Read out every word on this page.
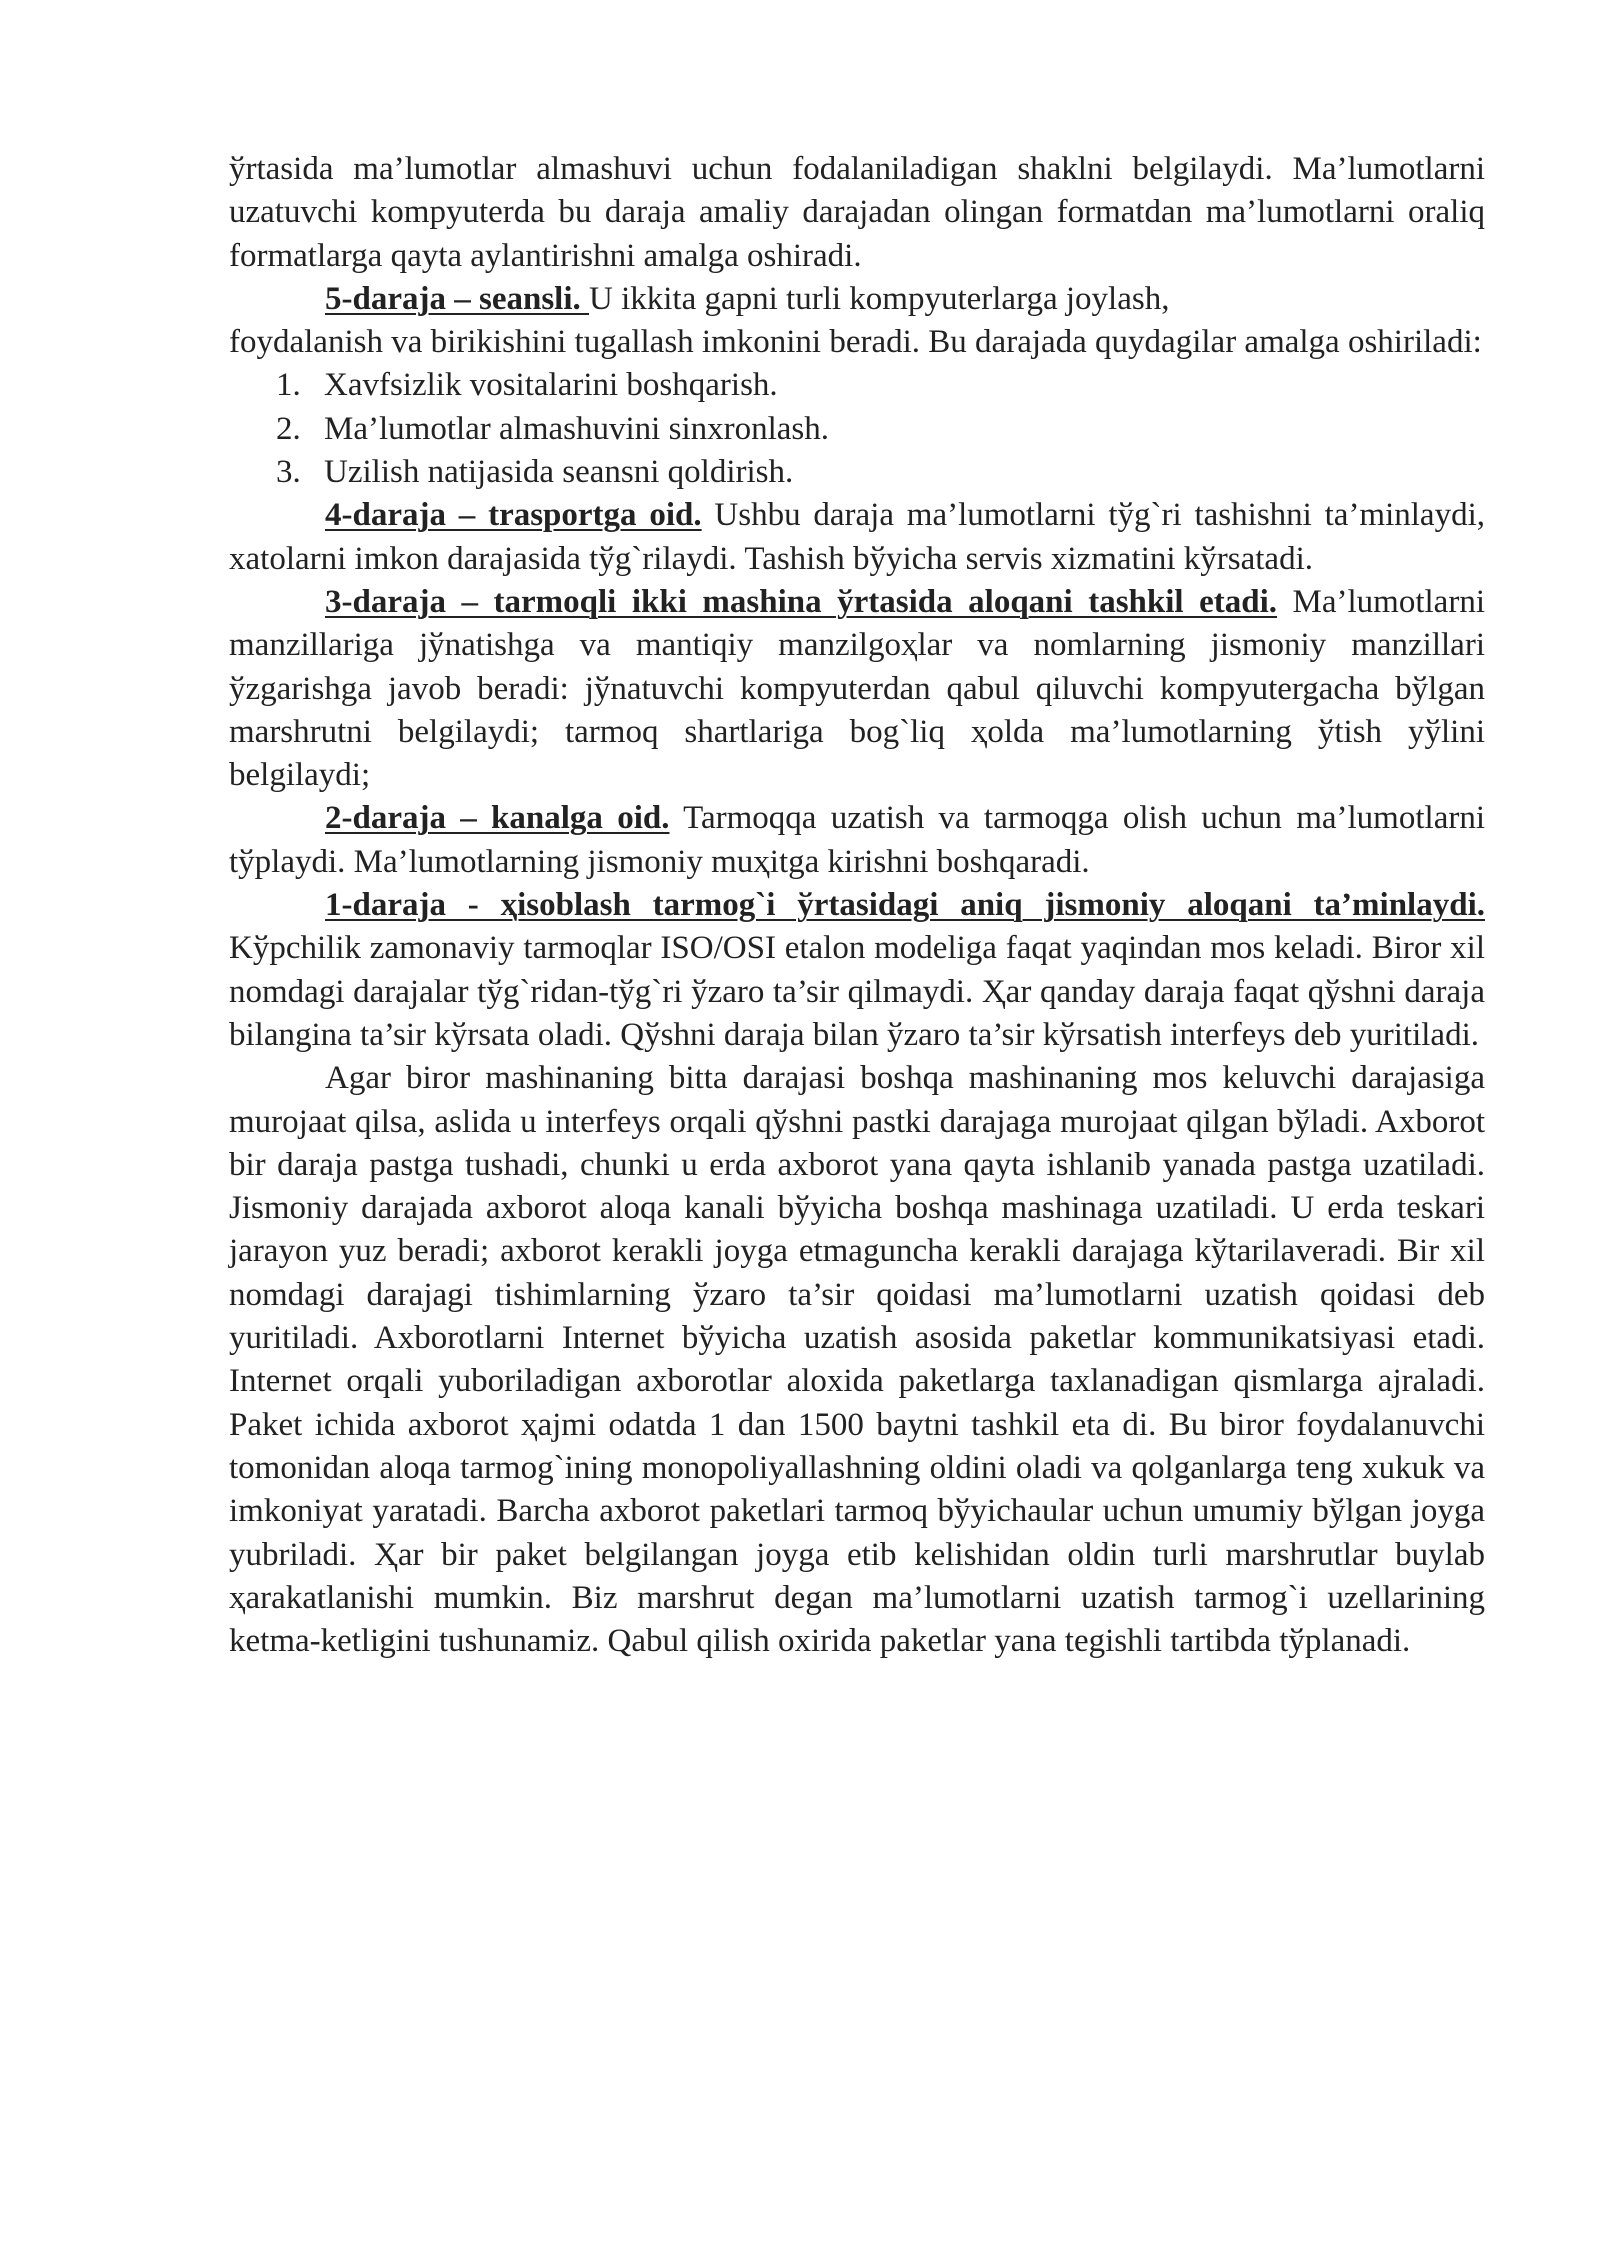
ўrtasida ma’lumotlar almashuvi uchun fodalaniladigan shaklni belgilaydi. Ma’lumotlarni uzatuvchi kompyuterda bu daraja amaliy darajadan olingan formatdan ma’lumotlarni oraliq formatlarga qayta aylantirishni amalga oshiradi.

5-daraja – seansli. U ikkita gapni turli kompyuterlarga joylash,

foydalanish va birikishini tugallash imkonini beradi. Bu darajada quydagilar amalga oshiriladi:

1. Xavfsizlik vositalarini boshqarish.
2. Ma’lumotlar almashuvini sinxronlash.
3. Uzilish natijasida seansni qoldirish.

4-daraja – trasportga oid. Ushbu daraja ma’lumotlarni tўg`ri tashishni ta’minlaydi, xatolarni imkon darajasida tўg`rilaydi. Tashish bўyicha servis xizmatini kўrsatadi.

3-daraja – tarmoqli ikki mashina ўrtasida aloqani tashkil etadi. Ma’lumotlarni manzillariga jўnatishga va mantiqiy manzilgoҳlar va nomlarning jismoniy manzillari ўzgarishga javob beradi: jўnatuvchi kompyuterdan qabul qiluvchi kompyutergacha bўlgan marshrutni belgilaydi; tarmoq shartlariga bog`liq ҳolda ma’lumotlarning ўtish yўlini belgilaydi;

2-daraja – kanalga oid. Tarmoqqa uzatish va tarmoqga olish uchun ma’lumotlarni tўplaydi. Ma’lumotlarning jismoniy muҳitga kirishni boshqaradi.

1-daraja - ҳisoblash tarmog`i ўrtasidagi aniq jismoniy aloqani ta’minlaydi. Kўpchilik zamonaviy tarmoqlar ISO/OSI etalon modeliga faqat yaqindan mos keladi. Biror xil nomdagi darajalar tўg`ridan-tўg`ri ўzaro ta’sir qilmaydi. Ҳar qanday daraja faqat qўshni daraja bilangina ta’sir kўrsata oladi. Qўshni daraja bilan ўzaro ta’sir kўrsatish interfeys deb yuritiladi.

Agar biror mashinaning bitta darajasi boshqa mashinaning mos keluvchi darajasiga murojaat qilsa, aslida u interfeys orqali qўshni pastki darajaga murojaat qilgan bўladi. Axborot bir daraja pastga tushadi, chunki u erda axborot yana qayta ishlanib yanada pastga uzatiladi. Jismoniy darajada axborot aloqa kanali bўyicha boshqa mashinaga uzatiladi. U erda teskari jarayon yuz beradi; axborot kerakli joyga etmaguncha kerakli darajaga kўtarilaveradi. Bir xil nomdagi darajagi tishimlarning ўzaro ta’sir qoidasi ma’lumotlarni uzatish qoidasi deb yuritiladi. Axborotlarni Internet bўyicha uzatish asosida paketlar kommunikatsiyasi etadi. Internet orqali yuboriladigan axborotlar aloxida paketlarga taxlanadigan qismlarga ajraladi. Paket ichida axborot ҳajmi odatda 1 dan 1500 baytni tashkil eta di. Bu biror foydalanuvchi tomonidan aloqa tarmog`ining monopoliyallashning oldini oladi va qolganlarga teng xukuk va imkoniyat yaratadi. Barcha axborot paketlari tarmoq bўyichaular uchun umumiy bўlgan joyga yubriladi. Ҳar bir paket belgilangan joyga etib kelishidan oldin turli marshrutlar buylab ҳarakatlanishi mumkin. Biz marshrut degan ma’lumotlarni uzatish tarmog`i uzellarining ketma-ketligini tushunamiz. Qabul qilish oxirida paketlar yana tegishli tartibda tўplanadi.
